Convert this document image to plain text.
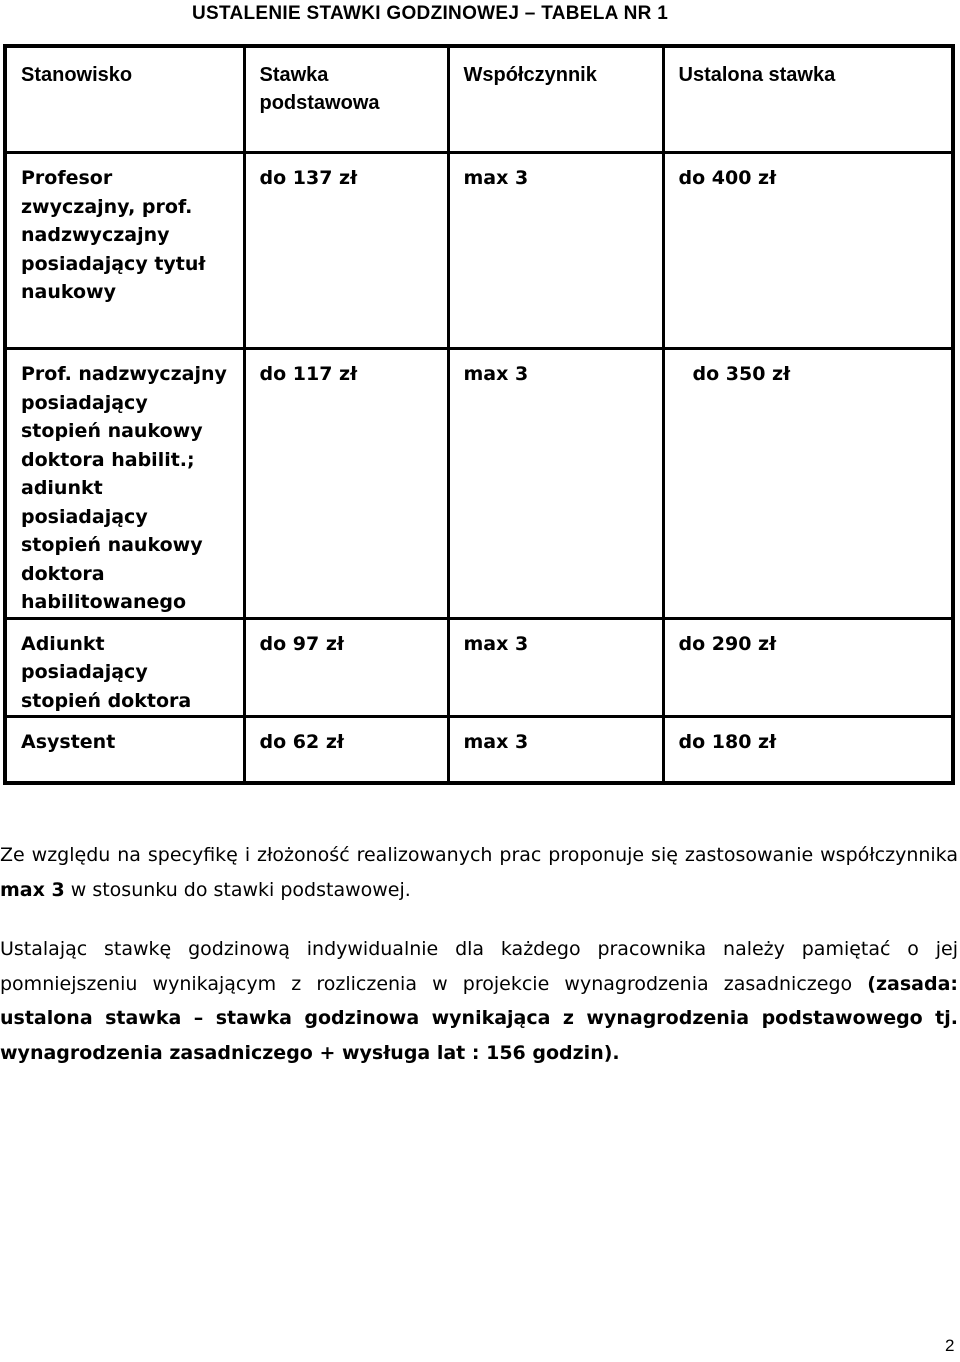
USTALENIE STAWKI GODZINOWEJ – TABELA NR 1
Stanowisko	Stawka podstawowa	Współczynnik	Ustalona stawka
Profesor zwyczajny, prof. nadzwyczajny posiadający tytuł naukowy	do 137 zł	max 3	do 400 zł
Prof. nadzwyczajny posiadający stopień naukowy doktora habilit.; adiunkt posiadający stopień naukowy doktora habilitowanego	do 117 zł	max 3	do 350 zł
Adiunkt posiadający stopień doktora	do 97 zł	max 3	do 290 zł
Asystent	do 62 zł	max 3	do 180 zł
Ze względu na specyfikę i złożoność realizowanych prac proponuje się zastosowanie współczynnika max 3 w stosunku do stawki podstawowej.
Ustalając stawkę godzinową indywidualnie dla każdego pracownika należy pamiętać o jej pomniejszeniu wynikającym z rozliczenia w projekcie wynagrodzenia zasadniczego (zasada: ustalona stawka – stawka godzinowa wynikająca z wynagrodzenia podstawowego tj. wynagrodzenia zasadniczego + wysługa lat : 156 godzin).
2
